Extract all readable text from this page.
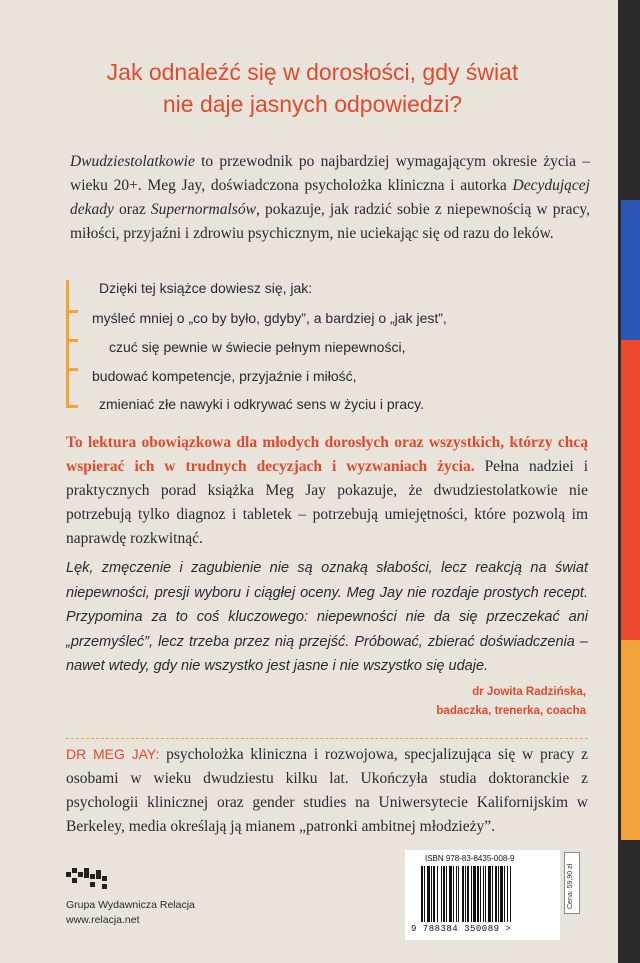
Jak odnaleźć się w dorosłości, gdy świat
nie daje jasnych odpowiedzi?
Dwudziestolatkowie to przewodnik po najbardziej wymagającym okresie życia – wieku 20+. Meg Jay, doświadczona psycholożka kliniczna i autorka Decydującej dekady oraz Supernormalsów, pokazuje, jak radzić sobie z niepewnością w pracy, miłości, przyjaźni i zdrowiu psychicznym, nie uciekając się od razu do leków.
Dzięki tej książce dowiesz się, jak:
myśleć mniej o „co by było, gdyby”, a bardziej o „jak jest”,
czuć się pewnie w świecie pełnym niepewności,
budować kompetencje, przyjaźnie i miłość,
zmieniać złe nawyki i odkrywać sens w życiu i pracy.
To lektura obowiązkowa dla młodych dorosłych oraz wszystkich, którzy chcą wspierać ich w trudnych decyzjach i wyzwaniach życia. Pełna nadziei i praktycznych porad książka Meg Jay pokazuje, że dwudziestolatkowie nie potrzebują tylko diagnoz i tabletek – potrzebują umiejętności, które pozwolą im naprawdę rozkwitnąć.
Lęk, zmęczenie i zagubienie nie są oznaką słabości, lecz reakcją na świat niepewności, presji wyboru i ciągłej oceny. Meg Jay nie rozdaje prostych recept. Przypomina za to coś kluczowego: niepewności nie da się przeczekać ani „przemyśleć”, lecz trzeba przez nią przejść. Próbować, zbierać doświadczenia – nawet wtedy, gdy nie wszystko jest jasne i nie wszystko się udaje.
dr Jowita Radzińska,
badaczka, trenerka, coacha
DR MEG JAY: psycholożka kliniczna i rozwojowa, specjalizująca się w pracy z osobami w wieku dwudziestu kilku lat. Ukończyła studia doktoranckie z psychologii klinicznej oraz gender studies na Uniwersytecie Kalifornijskim w Berkeley, media określają ją mianem „patronki ambitnej młodzieży”.
Grupa Wydawnicza Relacja
www.relacja.net
ISBN 978-83-8435-008-9
9 788384 350089 >
Cena: 59,90 zł
